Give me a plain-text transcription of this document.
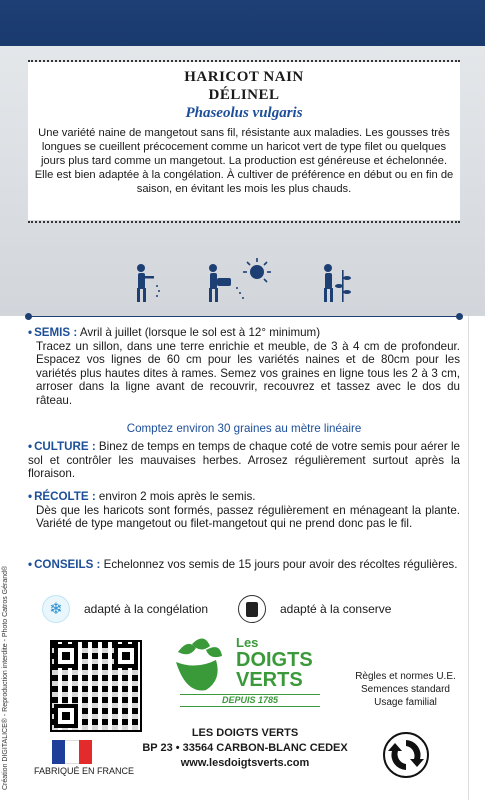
HARICOT NAIN
DÉLINEL
Phaseolus vulgaris
Une variété naine de mangetout sans fil, résistante aux maladies. Les gousses très longues se cueillent précocement comme un haricot vert de type filet ou quelques jours plus tard comme un mangetout. La production est généreuse et échelonnée. Elle est bien adaptée à la congélation. À cultiver de préférence en début ou en fin de saison, en évitant les mois les plus chauds.
• SEMIS : Avril à juillet (lorsque le sol est à 12° minimum)
Tracez un sillon, dans une terre enrichie et meuble, de 3 à 4 cm de profondeur. Espacez vos lignes de 60 cm pour les variétés naines et de 80cm pour les variétés plus hautes dites à rames. Semez vos graines en ligne tous les 2 à 3 cm, arroser dans la ligne avant de recouvrir, recouvrez et tassez avec le dos du râteau.
Comptez environ 30 graines au mètre linéaire
• CULTURE : Binez de temps en temps de chaque coté de votre semis pour aérer le sol et contrôler les mauvaises herbes. Arrosez régulièrement surtout après la floraison.
• RÉCOLTE : environ 2 mois après le semis.
Dès que les haricots sont formés, passez régulièrement en ménageant la plante. Variété de type mangetout ou filet-mangetout qui ne prend donc pas le fil.
• CONSEILS : Echelonnez vos semis de 15 jours pour avoir des récoltes régulières.
❄ adapté à la congélation	adapté à la conserve
Les
DOIGTS
VERTS
DEPUIS 1785
Règles et normes U.E.
Semences standard
Usage familial
LES DOIGTS VERTS
BP 23 • 33564 CARBON-BLANC CEDEX
www.lesdoigtsverts.com
FABRIQUÉ EN FRANCE
Création DIGITALICE® - Reproduction interdite - Photo Catros Gérand®
